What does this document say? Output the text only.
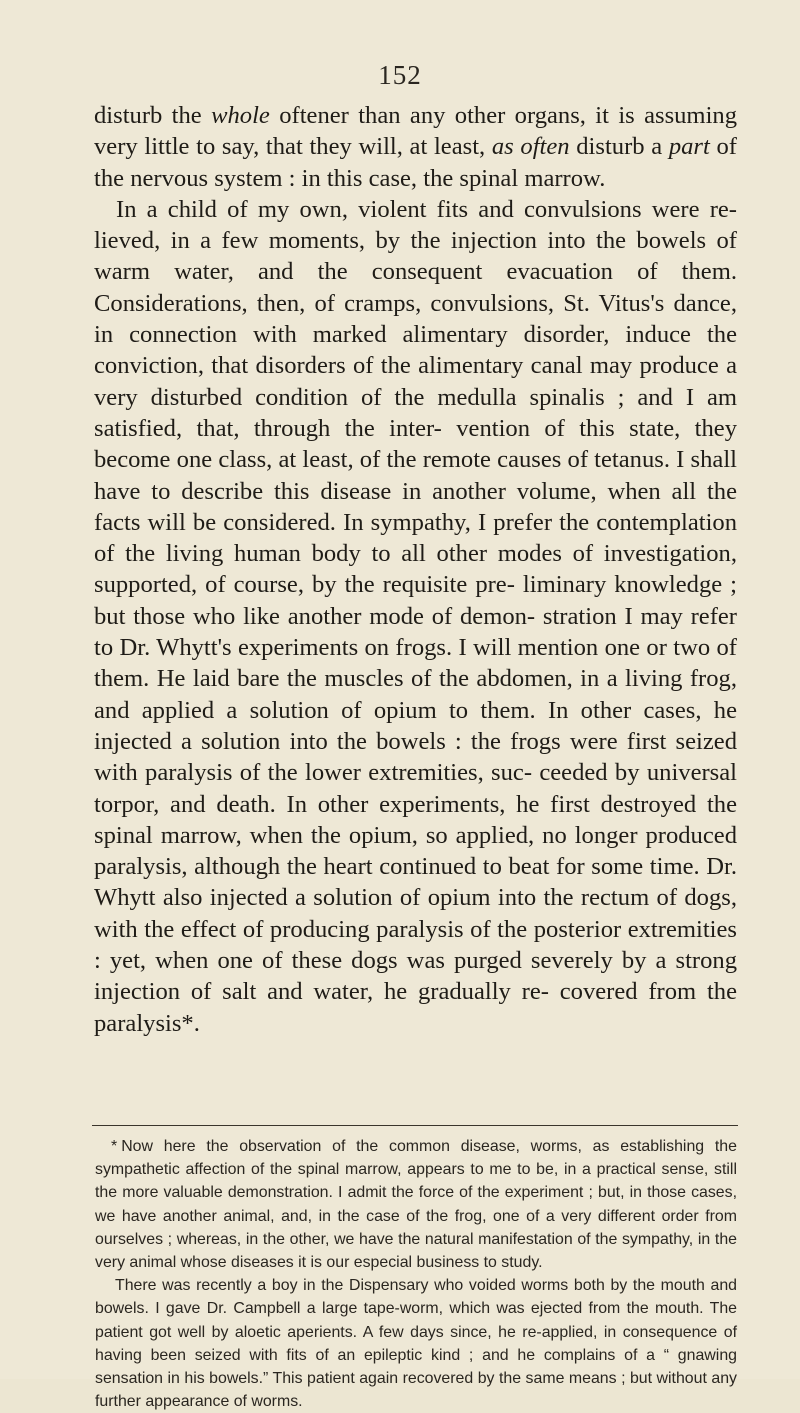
152

disturb the whole oftener than any other organs, it is assuming very little to say, that they will, at least, as often disturb a part of the nervous system : in this case, the spinal marrow.

In a child of my own, violent fits and convulsions were re- lieved, in a few moments, by the injection into the bowels of warm water, and the consequent evacuation of them. Considerations, then, of cramps, convulsions, St. Vitus's dance, in connection with marked alimentary disorder, induce the conviction, that disorders of the alimentary canal may produce a very disturbed condition of the medulla spinalis ; and I am satisfied, that, through the inter- vention of this state, they become one class, at least, of the remote causes of tetanus. I shall have to describe this disease in another volume, when all the facts will be considered. In sympathy, I prefer the contemplation of the living human body to all other modes of investigation, supported, of course, by the requisite pre- liminary knowledge ; but those who like another mode of demon- stration I may refer to Dr. Whytt's experiments on frogs. I will mention one or two of them. He laid bare the muscles of the abdomen, in a living frog, and applied a solution of opium to them. In other cases, he injected a solution into the bowels : the frogs were first seized with paralysis of the lower extremities, suc- ceeded by universal torpor, and death. In other experiments, he first destroyed the spinal marrow, when the opium, so applied, no longer produced paralysis, although the heart continued to beat for some time. Dr. Whytt also injected a solution of opium into the rectum of dogs, with the effect of producing paralysis of the posterior extremities : yet, when one of these dogs was purged severely by a strong injection of salt and water, he gradually re- covered from the paralysis*.

* Now here the observation of the common disease, worms, as establishing the sympathetic affection of the spinal marrow, appears to me to be, in a practical sense, still the more valuable demonstration. I admit the force of the experiment ; but, in those cases, we have another animal, and, in the case of the frog, one of a very different order from ourselves ; whereas, in the other, we have the natural manifestation of the sympathy, in the very animal whose diseases it is our especial business to study.

There was recently a boy in the Dispensary who voided worms both by the mouth and bowels. I gave Dr. Campbell a large tape-worm, which was ejected from the mouth. The patient got well by aloetic aperients. A few days since, he re-applied, in consequence of having been seized with fits of an epileptic kind ; and he complains of a “ gnawing sensation in his bowels.” This patient again recovered by the same means ; but without any further appearance of worms.
